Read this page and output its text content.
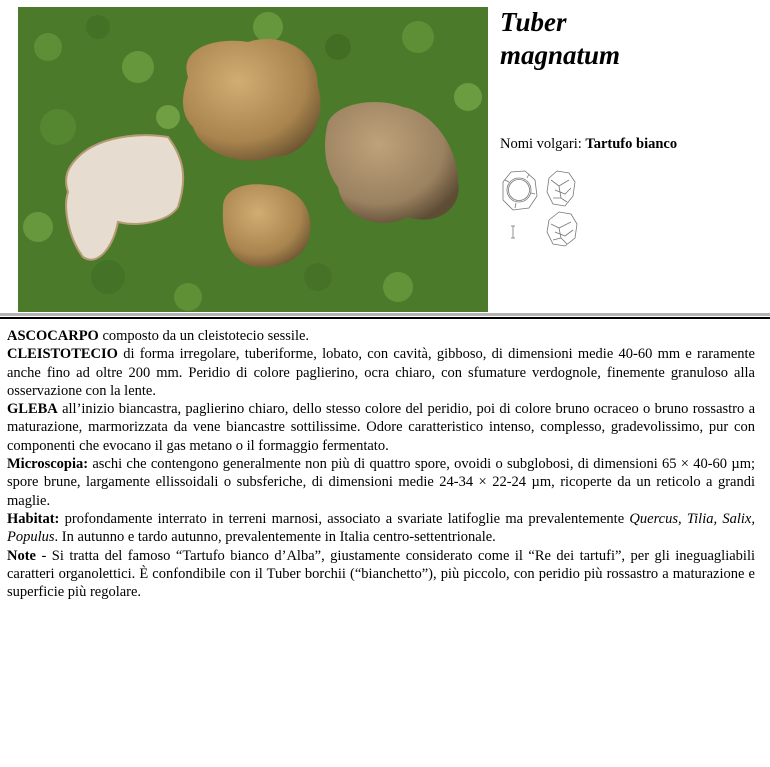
Tuber
magnatum
Nomi volgari: Tartufo bianco

ASCOCARPO composto da un cleistotecio sessile.

CLEISTOTECIO di forma irregolare, tuberiforme, lobato, con cavità, gibboso, di dimensioni medie 40-60 mm e raramente anche fino ad oltre 200 mm. Peridio di colore paglierino, ocra chiaro, con sfumature verdognole, finemente granuloso alla osservazione con la lente.

GLEBA all’inizio biancastra, paglierino chiaro, dello stesso colore del peridio, poi di colore bruno ocraceo o bruno rossastro a maturazione, marmorizzata da vene biancastre sottilissime. Odore caratteristico intenso, complesso, gradevolissimo, pur con componenti che evocano il gas metano o il formaggio fermentato.

Microscopia: aschi che contengono generalmente non più di quattro spore, ovoidi o subglobosi, di dimensioni 65 × 40-60 µm; spore brune, largamente ellissoidali o subsferiche, di dimensioni medie 24-34 × 22-24 µm, ricoperte da un reticolo a grandi maglie.

Habitat: profondamente interrato in terreni marnosi, associato a svariate latifoglie ma prevalentemente Quercus, Tilia, Salix, Populus. In autunno e tardo autunno, prevalentemente in Italia centro-settentrionale.

Note - Si tratta del famoso “Tartufo bianco d’Alba”, giustamente considerato come il “Re dei tartufi”, per gli ineguagliabili caratteri organolettici. È confondibile con il Tuber borchii (“bianchetto”), più piccolo, con peridio più rossastro a maturazione e superficie più regolare.
